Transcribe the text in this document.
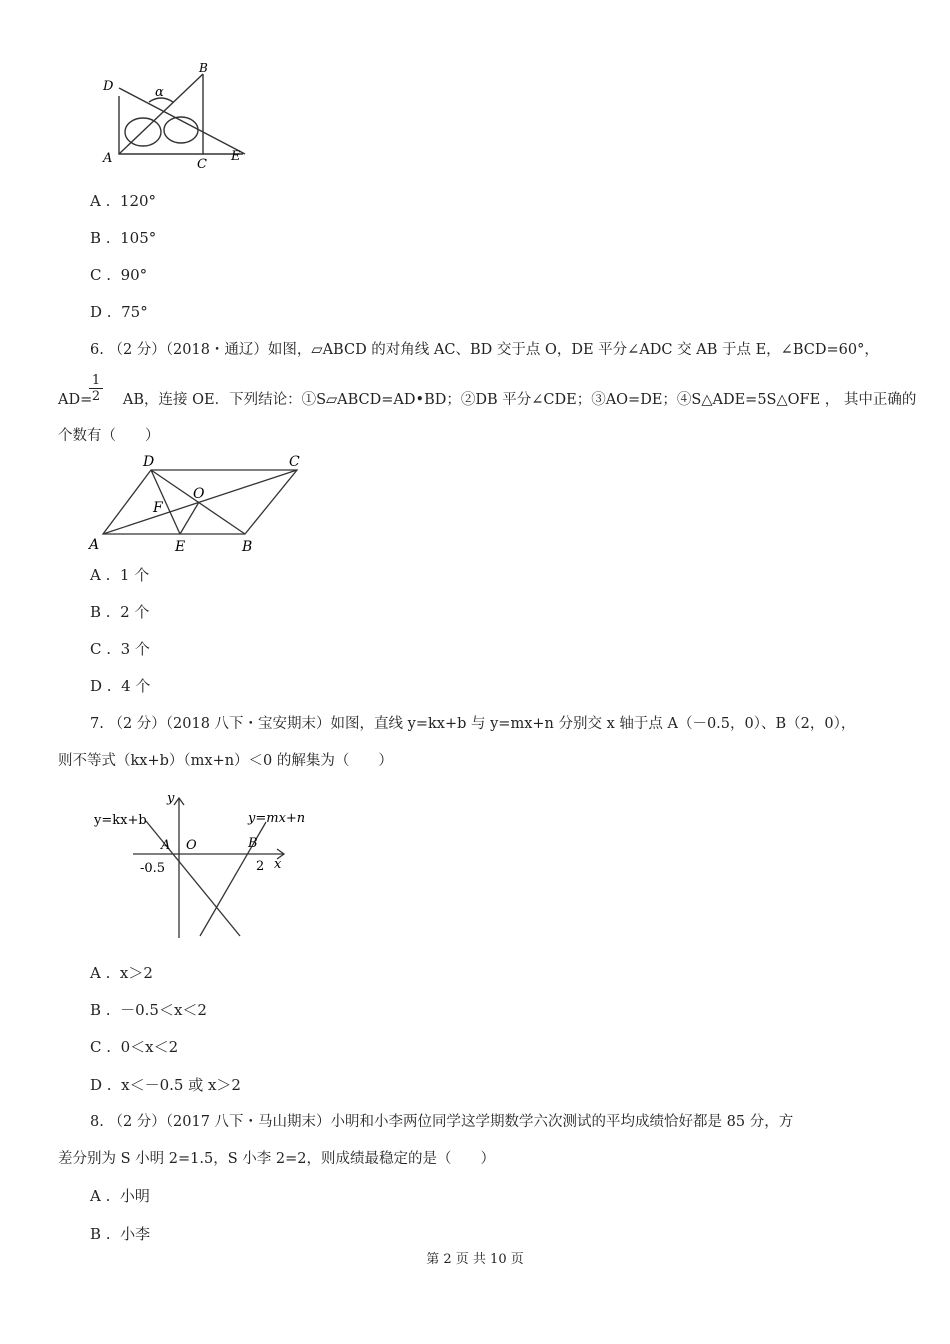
D
B
α
A	C
E
A . 120°
B . 105°
C . 90°
D . 75°
6. （2 分）（2018・通辽）如图，▱ABCD 的对角线 AC、BD 交于点 O，DE 平分∠ADC 交 AB 于点 E，∠BCD=60°，
AD= AB，连接 OE．下列结论：①S▱ABCD=AD•BD；②DB 平分∠CDE；③AO=DE；④S△ADE=5S△OFE ， 其中正确的
1
2
个数有（　　）
D	C
O
F
A	E	B
A . 1 个
B . 2 个
C . 3 个
D . 4 个
7. （2 分）（2018 八下・宝安期末）如图，直线 y=kx+b 与 y=mx+n 分别交 x 轴于点 A（－0.5，0）、B（2，0），
则不等式（kx+b）（mx+n）＜0 的解集为（　　）
y
y=kx+b	y=mx+n
A O	B
-0.5	2 x
A . x＞2
B . －0.5＜x＜2
C . 0＜x＜2
D . x＜－0.5 或 x＞2
8. （2 分）（2017 八下・马山期末）小明和小李两位同学这学期数学六次测试的平均成绩恰好都是 85 分，方
差分别为 S 小明 2=1.5，S 小李 2=2，则成绩最稳定的是（　　）
A . 小明
B . 小李
第 2 页 共 10 页
